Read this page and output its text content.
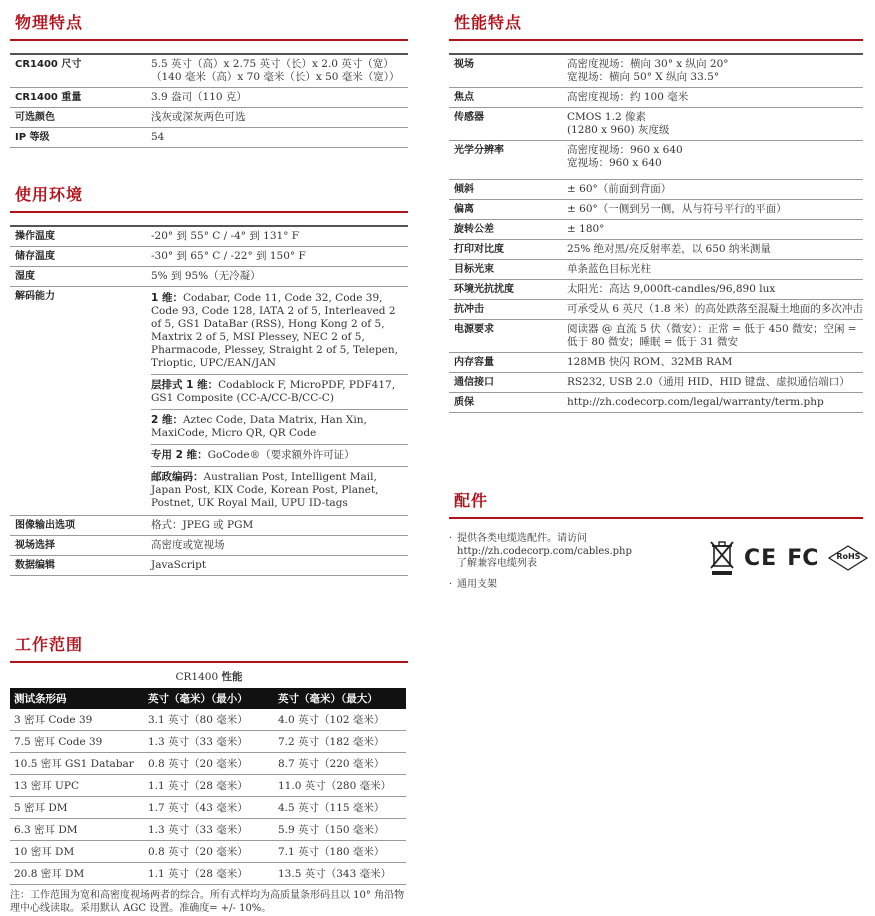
物理特点
CR1400 尺寸	5.5 英寸（高）x 2.75 英寸（长）x 2.0 英寸（宽）（140 毫米（高）x 70 毫米（长）x 50 毫米（宽））
CR1400 重量	3.9 盎司（110 克）
可选颜色	浅灰或深灰两色可选
IP 等级	54
使用环境
操作温度	-20° 到 55° C / -4° 到 131° F
储存温度	-30° 到 65° C / -22° 到 150° F
湿度	5% 到 95%（无冷凝）
解码能力	1 维：Codabar, Code 11, Code 32, Code 39, Code 93, Code 128, IATA 2 of 5, Interleaved 2 of 5, GS1 DataBar (RSS), Hong Kong 2 of 5, Maxtrix 2 of 5, MSI Plessey, NEC 2 of 5, Pharmacode, Plessey, Straight 2 of 5, Telepen, Trioptic, UPC/EAN/JAN
层排式 1 维：Codablock F, MicroPDF, PDF417, GS1 Composite (CC-A/CC-B/CC-C)
2 维：Aztec Code, Data Matrix, Han Xin, MaxiCode, Micro QR, QR Code
专用 2 维：GoCode®（要求额外许可证）
邮政编码：Australian Post, Intelligent Mail, Japan Post, KIX Code, Korean Post, Planet, Postnet, UK Royal Mail, UPU ID-tags
图像输出选项	格式：JPEG 或 PGM
视场选择	高密度或宽视场
数据编辑	JavaScript
性能特点
视场	高密度视场：横向 30° x 纵向 20°
宽视场：横向 50° X 纵向 33.5°
焦点	高密度视场：约 100 毫米
传感器	CMOS 1.2 像素
(1280 x 960) 灰度级
光学分辨率	高密度视场：960 x 640
宽视场：960 x 640
倾斜	± 60°（前面到背面）
偏离	± 60°（一侧到另一侧，从与符号平行的平面）
旋转公差	± 180°
打印对比度	25% 绝对黑/亮反射率差，以 650 纳米测量
目标光束	单条蓝色目标光柱
环境光抗扰度	太阳光：高达 9,000ft-candles/96,890 lux
抗冲击	可承受从 6 英尺（1.8 米）的高处跌落至混凝土地面的多次冲击
电源要求	阅读器 @ 直流 5 伏（微安）：正常 = 低于 450 微安；空闲 = 低于 80 微安；睡眠 = 低于 31 微安
内存容量	128MB 快闪 ROM、32MB RAM
通信接口	RS232, USB 2.0（通用 HID、HID 键盘、虚拟通信端口）
质保	http://zh.codecorp.com/legal/warranty/term.php
配件
· 提供各类电缆选配件。请访问
http://zh.codecorp.com/cables.php
了解兼容电缆列表
· 通用支架
CE FC	RoHS
工作范围
CR1400 性能
测试条形码	英寸（毫米）（最小）	英寸（毫米）（最大）
3 密耳 Code 39	3.1 英寸（80 毫米）	4.0 英寸（102 毫米）
7.5 密耳 Code 39	1.3 英寸（33 毫米）	7.2 英寸（182 毫米）
10.5 密耳 GS1 Databar	0.8 英寸（20 毫米）	8.7 英寸（220 毫米）
13 密耳 UPC	1.1 英寸（28 毫米）	11.0 英寸（280 毫米）
5 密耳 DM	1.7 英寸（43 毫米）	4.5 英寸（115 毫米）
6.3 密耳 DM	1.3 英寸（33 毫米）	5.9 英寸（150 毫米）
10 密耳 DM	0.8 英寸（20 毫米）	7.1 英寸（180 毫米）
20.8 密耳 DM	1.1 英寸（28 毫米）	13.5 英寸（343 毫米）
注：工作范围为宽和高密度视场两者的综合。所有式样均为高质量条形码且以 10° 角沿物理中心线读取。采用默认 AGC 设置。准确度= +/- 10%。
